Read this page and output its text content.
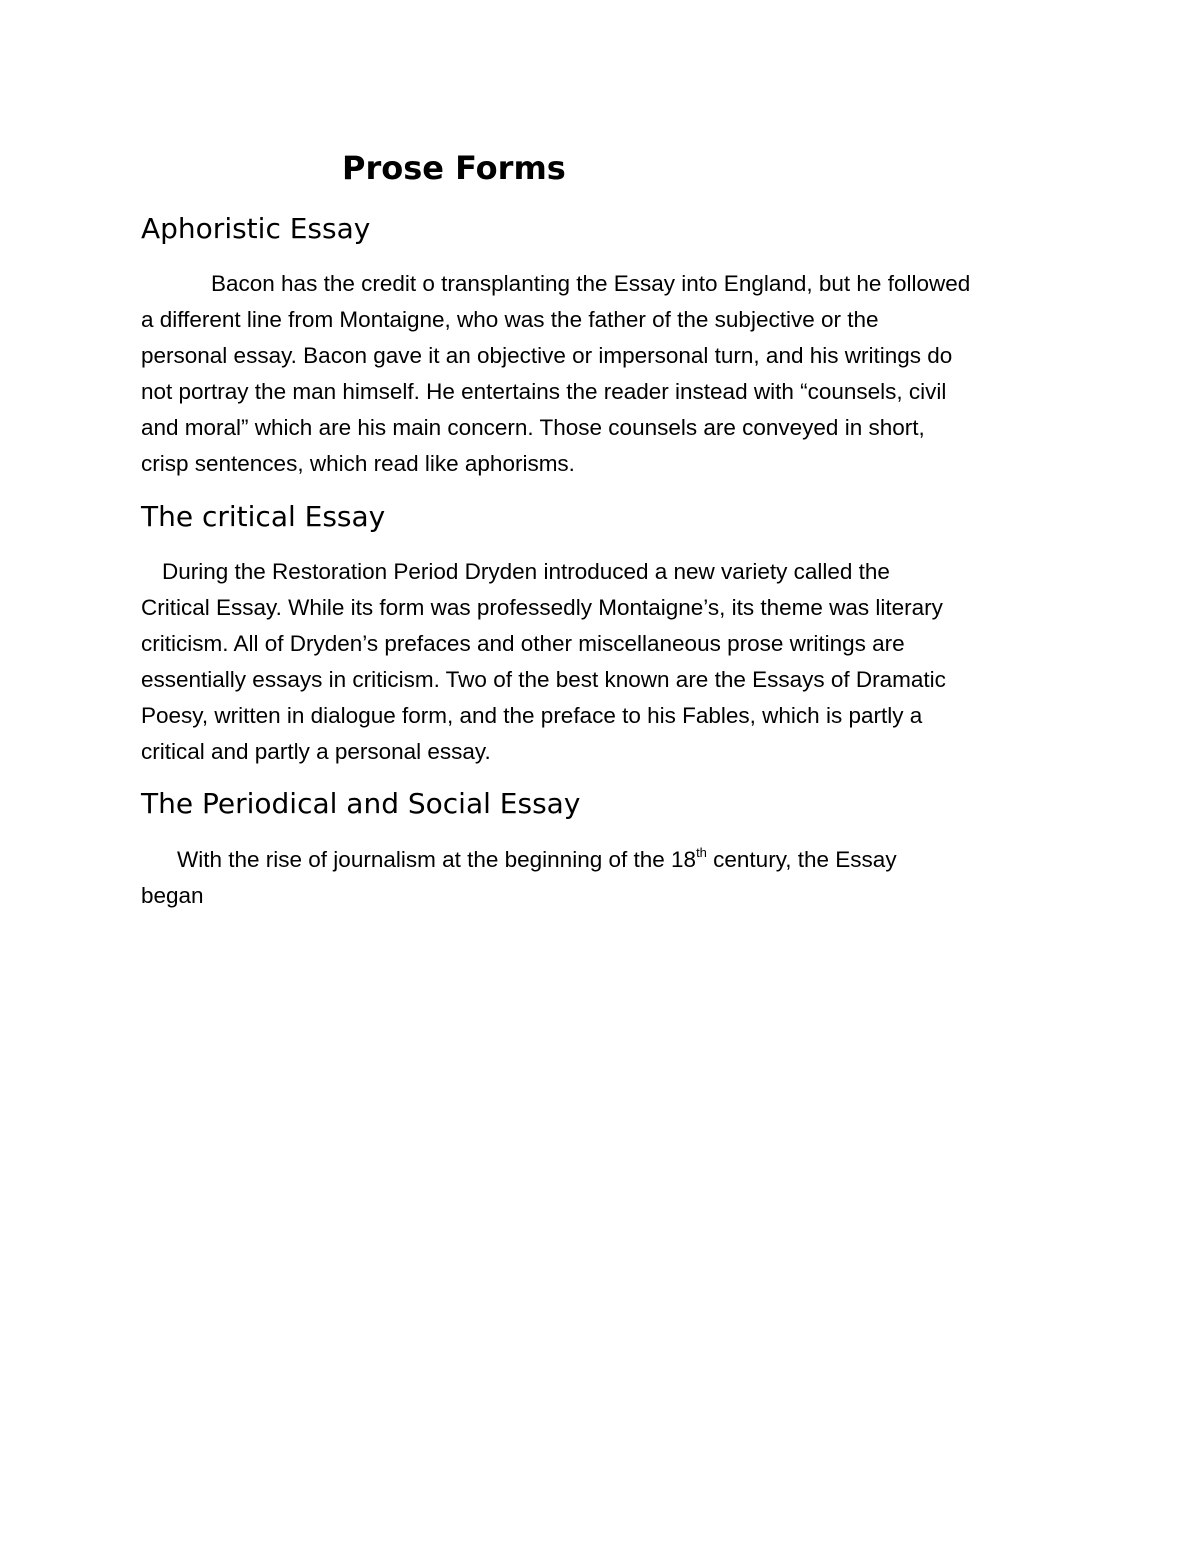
Prose Forms
Aphoristic Essay

Bacon has the credit o transplanting the Essay into England, but he followed
a different line from Montaigne, who was the father of the subjective or the
personal essay. Bacon gave it an objective or impersonal turn, and his writings do
not portray the man himself. He entertains the reader instead with “counsels, civil
and moral” which are his main concern. Those counsels are conveyed in short,
crisp sentences, which read like aphorisms.

The critical Essay

During the Restoration Period Dryden introduced a new variety called the
Critical Essay. While its form was professedly Montaigne’s, its theme was literary
criticism. All of Dryden’s prefaces and other miscellaneous prose writings are
essentially essays in criticism. Two of the best known are the Essays of Dramatic
Poesy, written in dialogue form, and the preface to his Fables, which is partly a
critical and partly a personal essay.

The Periodical and Social Essay

With the rise of journalism at the beginning of the 18th century, the Essay
began
